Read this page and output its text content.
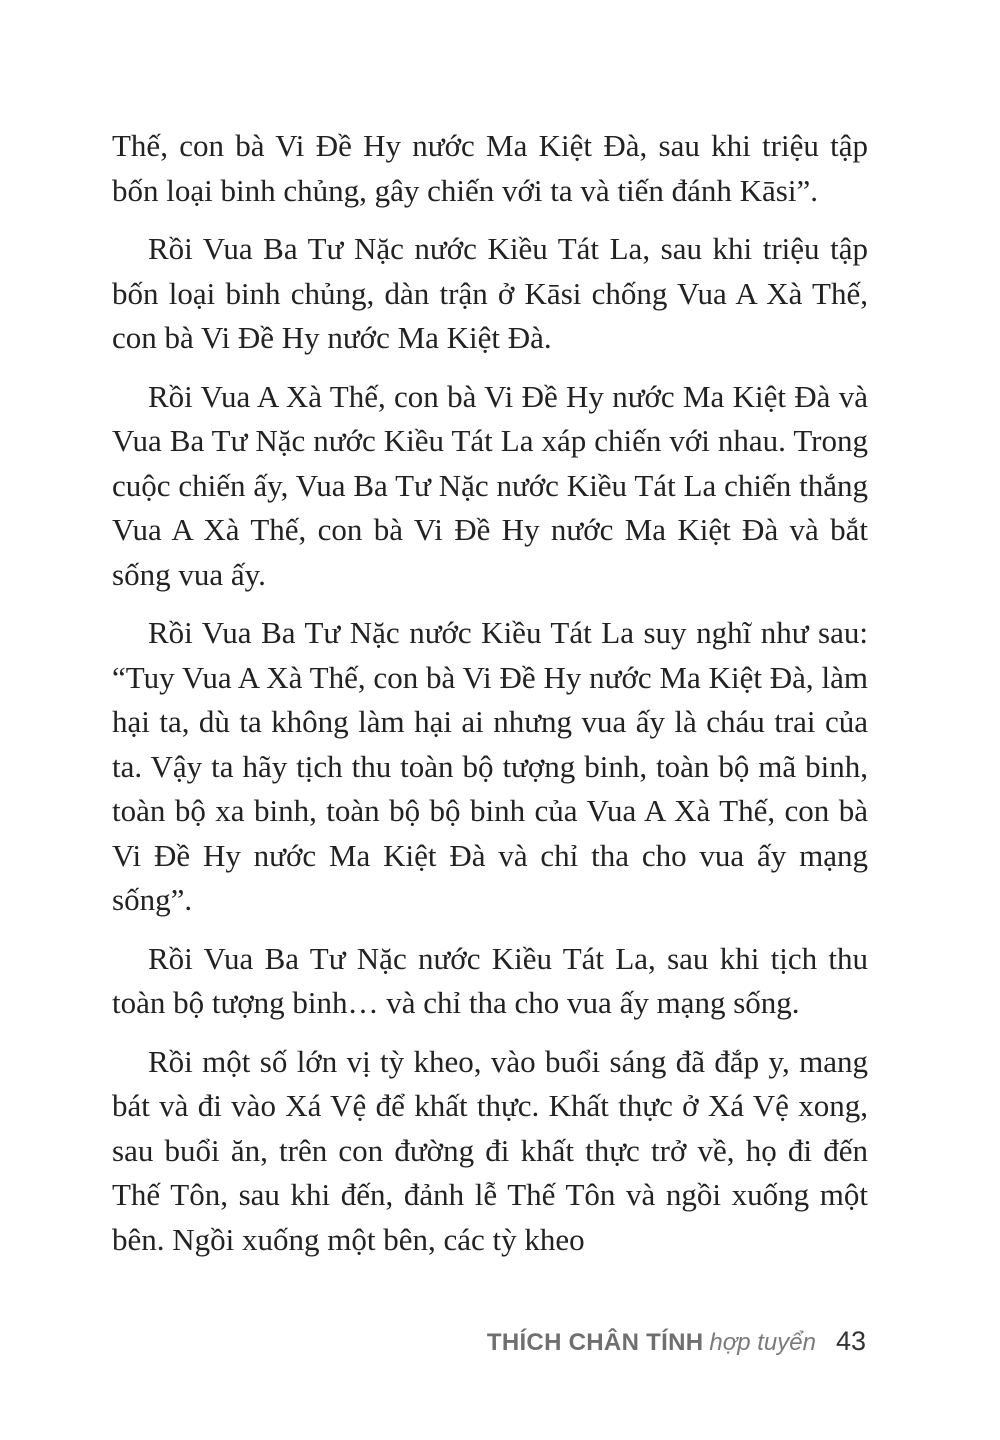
Thế, con bà Vi Đề Hy nước Ma Kiệt Đà, sau khi triệu tập bốn loại binh chủng, gây chiến với ta và tiến đánh Kāsi”.

Rồi Vua Ba Tư Nặc nước Kiều Tát La, sau khi triệu tập bốn loại binh chủng, dàn trận ở Kāsi chống Vua A Xà Thế, con bà Vi Đề Hy nước Ma Kiệt Đà.

Rồi Vua A Xà Thế, con bà Vi Đề Hy nước Ma Kiệt Đà và Vua Ba Tư Nặc nước Kiều Tát La xáp chiến với nhau. Trong cuộc chiến ấy, Vua Ba Tư Nặc nước Kiều Tát La chiến thắng Vua A Xà Thế, con bà Vi Đề Hy nước Ma Kiệt Đà và bắt sống vua ấy.

Rồi Vua Ba Tư Nặc nước Kiều Tát La suy nghĩ như sau: “Tuy Vua A Xà Thế, con bà Vi Đề Hy nước Ma Kiệt Đà, làm hại ta, dù ta không làm hại ai nhưng vua ấy là cháu trai của ta. Vậy ta hãy tịch thu toàn bộ tượng binh, toàn bộ mã binh, toàn bộ xa binh, toàn bộ bộ binh của Vua A Xà Thế, con bà Vi Đề Hy nước Ma Kiệt Đà và chỉ tha cho vua ấy mạng sống”.

Rồi Vua Ba Tư Nặc nước Kiều Tát La, sau khi tịch thu toàn bộ tượng binh… và chỉ tha cho vua ấy mạng sống.

Rồi một số lớn vị tỳ kheo, vào buổi sáng đã đắp y, mang bát và đi vào Xá Vệ để khất thực. Khất thực ở Xá Vệ xong, sau buổi ăn, trên con đường đi khất thực trở về, họ đi đến Thế Tôn, sau khi đến, đảnh lễ Thế Tôn và ngồi xuống một bên. Ngồi xuống một bên, các tỳ kheo

THÍCH CHÂN TÍNH hợp tuyển 43
